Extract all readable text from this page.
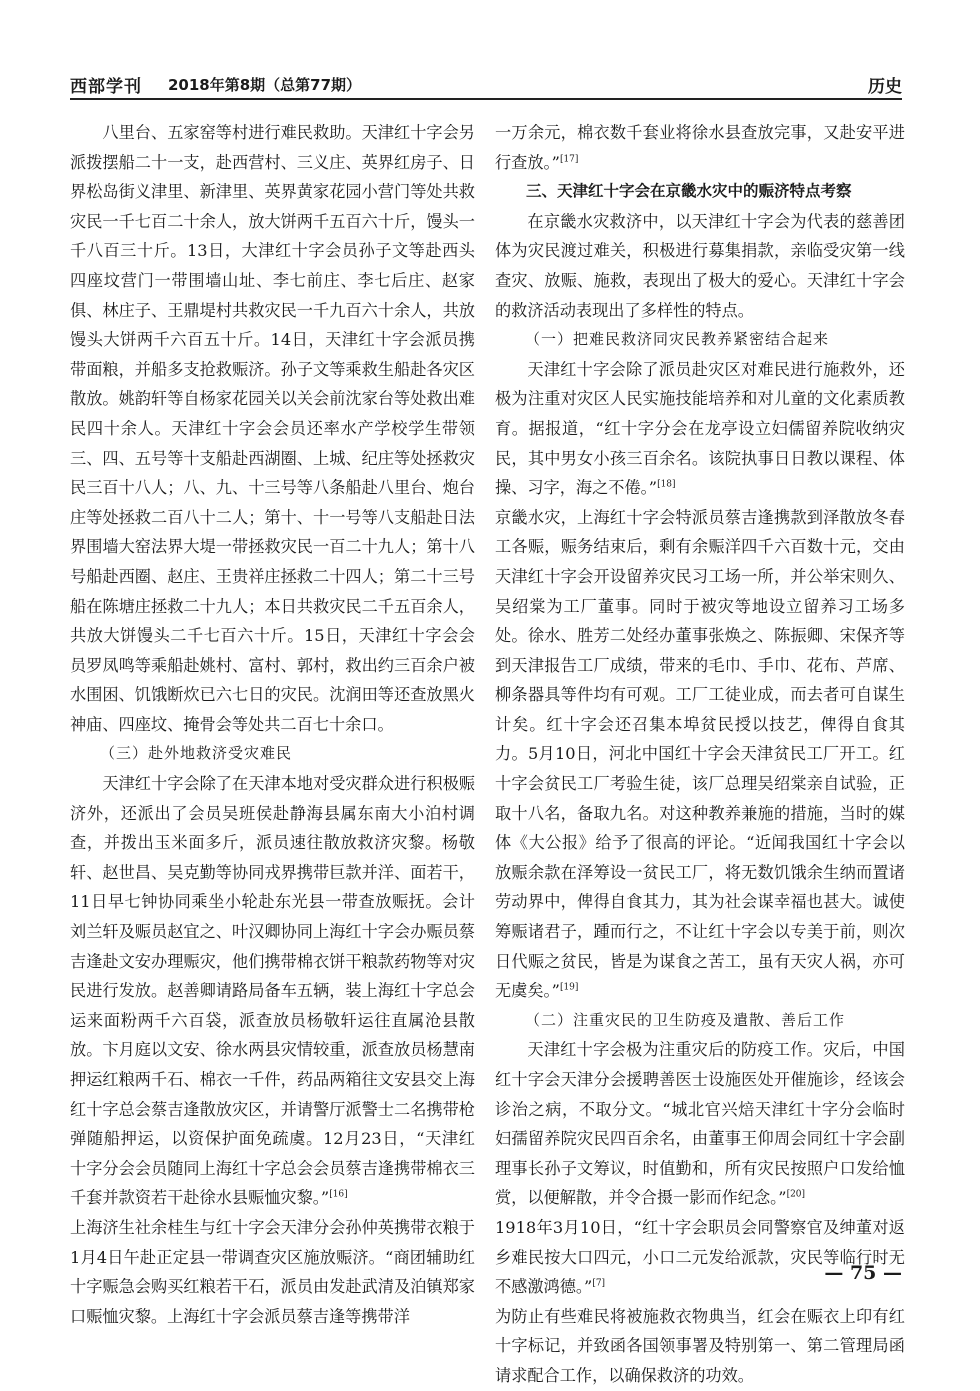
西部学刊 2018年第8期（总第77期）	历史

八里台、五家窑等村进行难民救助。天津红十字会另派拨摆船二十一支，赴西营村、三义庄、英界红房子、日界松岛街义津里、新津里、英界黄家花园小营门等处共救灾民一千七百二十余人，放大饼两千五百六十斤，馒头一千八百三十斤。13日，大津红十字会员孙子文等赴西头四座坟营门一带围墙山址、李七前庄、李七后庄、赵家俱、林庄子、王鼎堤村共救灾民一千九百六十余人，共放馒头大饼两千六百五十斤。14日，天津红十字会派员携带面粮，并船多支抢救赈济。孙子文等乘救生船赴各灾区散放。姚韵轩等自杨家花园关以关会前沈家台等处救出难民四十余人。天津红十字会会员还率水产学校学生带领三、四、五号等十支船赴西湖圈、上城、纪庄等处拯救灾民三百十八人；八、九、十三号等八条船赴八里台、炮台庄等处拯救二百八十二人；第十、十一号等八支船赴日法界围墙大窑法界大堤一带拯救灾民一百二十九人；第十八号船赴西圈、赵庄、王贵祥庄拯救二十四人；第二十三号船在陈塘庄拯救二十九人；本日共救灾民二千五百余人，共放大饼馒头二千七百六十斤。15日，天津红十字会会员罗凤鸣等乘船赴姚村、富村、郭村，救出约三百余户被水围困、饥饿断炊已六七日的灾民。沈润田等还查放黑火神庙、四座坟、掩骨会等处共二百七十余口。

（三）赴外地救济受灾难民

天津红十字会除了在天津本地对受灾群众进行积极赈济外，还派出了会员吴班侯赴静海县属东南大小泊村调查，并拨出玉米面多斤，派员速往散放救济灾黎。杨敬轩、赵世昌、吴克勤等协同戎界携带巨款并洋、面若干，11日早七钟协同乘坐小轮赴东光县一带查放赈抚。会计刘兰轩及赈员赵宜之、叶汉卿协同上海红十字会办赈员蔡吉逢赴文安办理赈灾，他们携带棉衣饼干粮款药物等对灾民进行发放。赵善卿请路局备车五辆，装上海红十字总会运来面粉两千六百袋，派查放员杨敬轩运往直属沧县散放。卞月庭以文安、徐水两县灾情较重，派查放员杨慧南押运红粮两千石、棉衣一千件，药品两箱往文安县交上海红十字总会蔡吉逢散放灾区，并请警厅派警士二名携带枪弹随船押运，以资保护面免疏虞。12月23日，“天津红十字分会会员随同上海红十字总会会员蔡吉逢携带棉衣三千套并款资若干赴徐水县赈恤灾黎。”[16]

上海济生社余桂生与红十字会天津分会孙仲英携带衣粮于1月4日午赴正定县一带调查灾区施放赈济。“商团辅助红十字赈急会购买红粮若干石，派员由发赴武清及泊镇郑家口赈恤灾黎。上海红十字会派员蔡吉逢等携带洋

一万余元，棉衣数千套业将徐水县查放完事，又赴安平进行查放。”[17]

三、天津红十字会在京畿水灾中的赈济特点考察

在京畿水灾救济中，以天津红十字会为代表的慈善团体为灾民渡过难关，积极进行募集捐款，亲临受灾第一线查灾、放赈、施救，表现出了极大的爱心。天津红十字会的救济活动表现出了多样性的特点。

（一）把难民救济同灾民教养紧密结合起来

天津红十字会除了派员赴灾区对难民进行施救外，还极为注重对灾区人民实施技能培养和对儿童的文化素质教育。据报道，“红十字分会在龙亭设立妇儒留养院收纳灾民，其中男女小孩三百余名。该院执事日日教以课程、体操、习字，海之不倦。”[18]

京畿水灾，上海红十字会特派员蔡吉逢携款到泽散放冬春工各赈，赈务结束后，剩有余赈洋四千六百数十元，交由天津红十字会开设留养灾民习工场一所，并公举宋则久、吴绍棠为工厂董事。同时于被灾等地设立留养习工场多处。徐水、胜芳二处经办董事张焕之、陈振卿、宋保齐等到天津报告工厂成绩，带来的毛巾、手巾、花布、芦席、柳条器具等件均有可观。工厂工徒业成，而去者可自谋生计矣。红十字会还召集本埠贫民授以技艺，俾得自食其力。5月10日，河北中国红十字会天津贫民工厂开工。红十字会贫民工厂考验生徒，该厂总理吴绍棠亲自试验，正取十八名，备取九名。对这种教养兼施的措施，当时的媒体《大公报》给予了很高的评论。“近闻我国红十字会以放赈余款在泽筹设一贫民工厂，将无数饥饿余生纳而置诸劳动界中，俾得自食其力，其为社会谋幸福也甚大。诚使筹赈诸君子，踵而行之，不让红十字会以专美于前，则次日代赈之贫民，皆是为谋食之苦工，虽有天灾人祸，亦可无虞矣。”[19]

（二）注重灾民的卫生防疫及遣散、善后工作

天津红十字会极为注重灾后的防疫工作。灾后，中国红十字会天津分会援聘善医士设施医处开催施诊，经该会诊治之病，不取分文。“城北官兴焙天津红十字分会临时妇孺留养院灾民四百余名，由董事王仰周会同红十字会副理事长孙子文筹议，时值勤和，所有灾民按照户口发给恤赏，以便解散，并令合摄一影而作纪念。”[20]

1918年3月10日，“红十字会职员会同警察官及绅董对返乡难民按大口四元，小口二元发给派款，灾民等临行时无不感激鸿德。”[7]

为防止有些难民将被施救衣物典当，红会在赈衣上印有红十字标记，并致函各国领事署及特别第一、第二管理局函请求配合工作，以确保救济的功效。

— 75 —
